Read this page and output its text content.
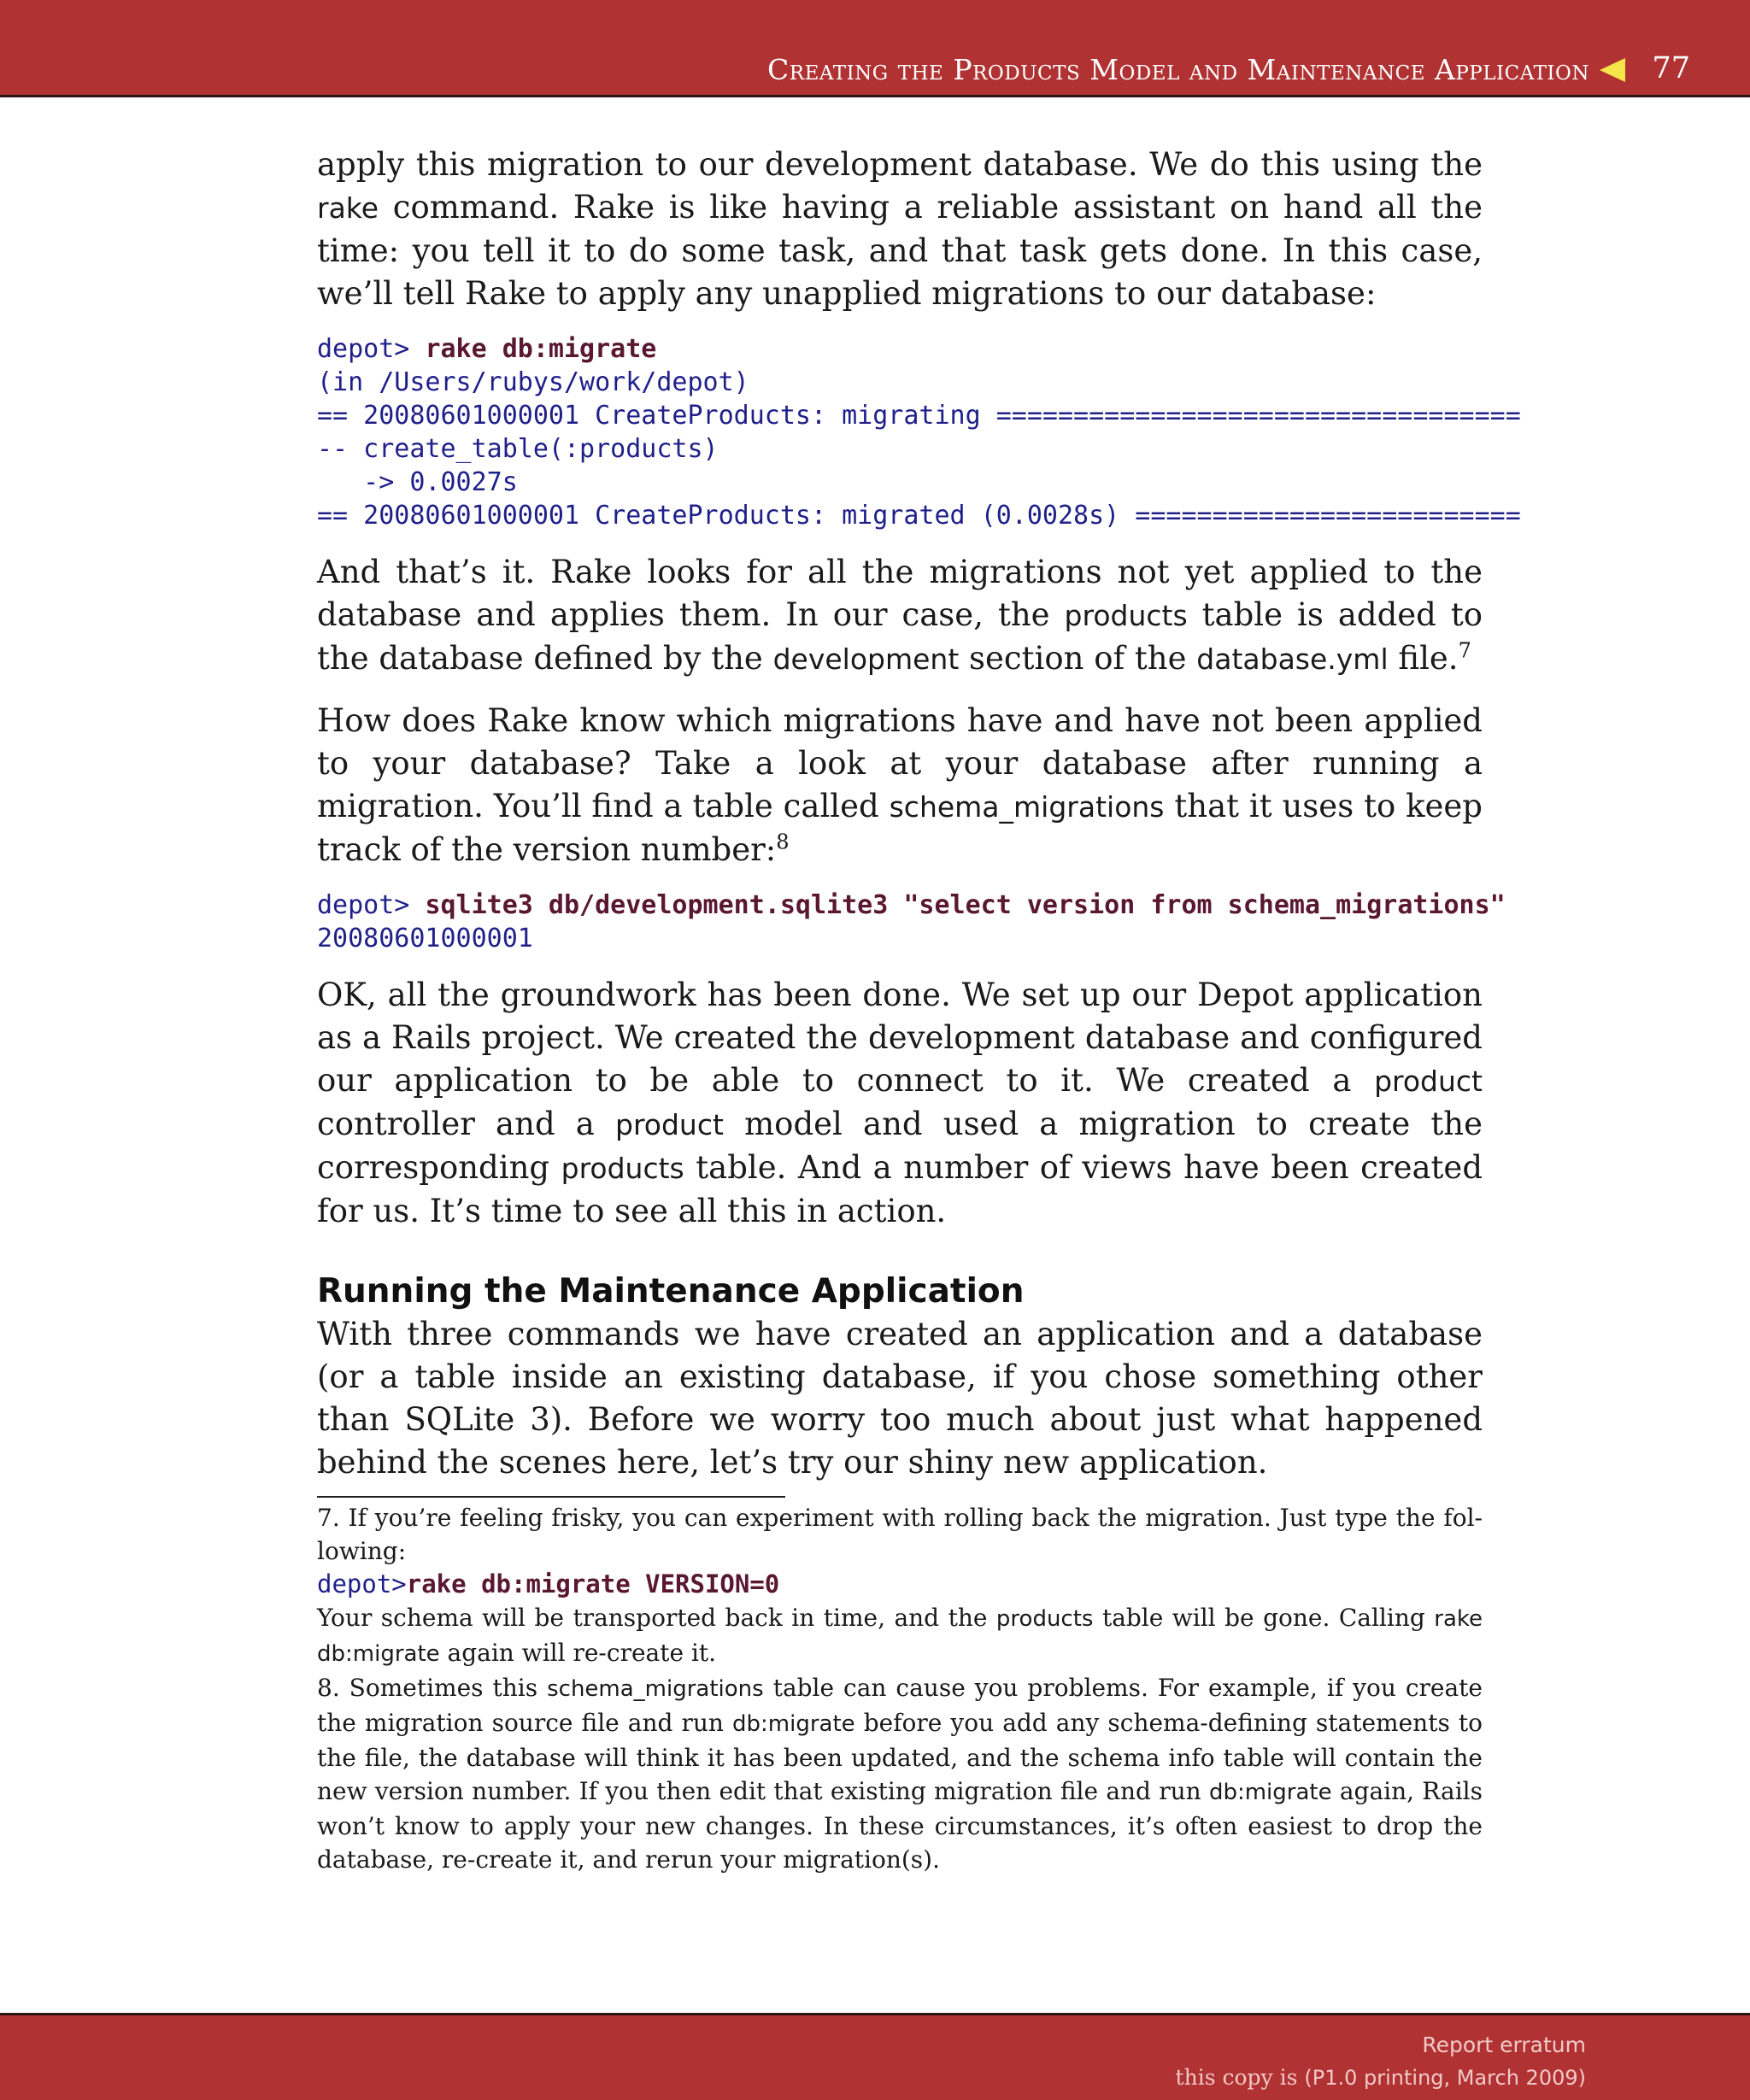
Creating the Products Model and Maintenance Application 77

apply this migration to our development database. We do this using the rake command. Rake is like having a reliable assistant on hand all the time: you tell it to do some task, and that task gets done. In this case, we’ll tell Rake to apply any unapplied migrations to our database:

depot> rake db:migrate
(in /Users/rubys/work/depot)
== 20080601000001 CreateProducts: migrating ==================================
-- create_table(:products)
-> 0.0027s
== 20080601000001 CreateProducts: migrated (0.0028s) =========================

And that’s it. Rake looks for all the migrations not yet applied to the database and applies them. In our case, the products table is added to the database defined by the development section of the database.yml file.$^7$

How does Rake know which migrations have and have not been applied to your database? Take a look at your database after running a migration. You’ll find a table called schema_migrations that it uses to keep track of the version number:$^8$

depot> sqlite3 db/development.sqlite3 "select version from schema_migrations"
20080601000001

OK, all the groundwork has been done. We set up our Depot application as a Rails project. We created the development database and configured our application to be able to connect to it. We created a product controller and a product model and used a migration to create the corresponding products table. And a number of views have been created for us. It’s time to see all this in action.

Running the Maintenance Application

With three commands we have created an application and a database (or a table inside an existing database, if you chose something other than SQLite 3). Before we worry too much about just what happened behind the scenes here, let’s try our shiny new application.

7. If you’re feeling frisky, you can experiment with rolling back the migration. Just type the following:

depot>rake db:migrate VERSION=0

Your schema will be transported back in time, and the products table will be gone. Calling rake db:migrate again will re-create it.

8. Sometimes this schema_migrations table can cause you problems. For example, if you create the migration source file and run db:migrate before you add any schema-defining statements to the file, the database will think it has been updated, and the schema info table will contain the new version number. If you then edit that existing migration file and run db:migrate again, Rails won’t know to apply your new changes. In these circumstances, it’s often easiest to drop the database, re-create it, and rerun your migration(s).

Report erratum
this copy is (P1.0 printing, March 2009)
